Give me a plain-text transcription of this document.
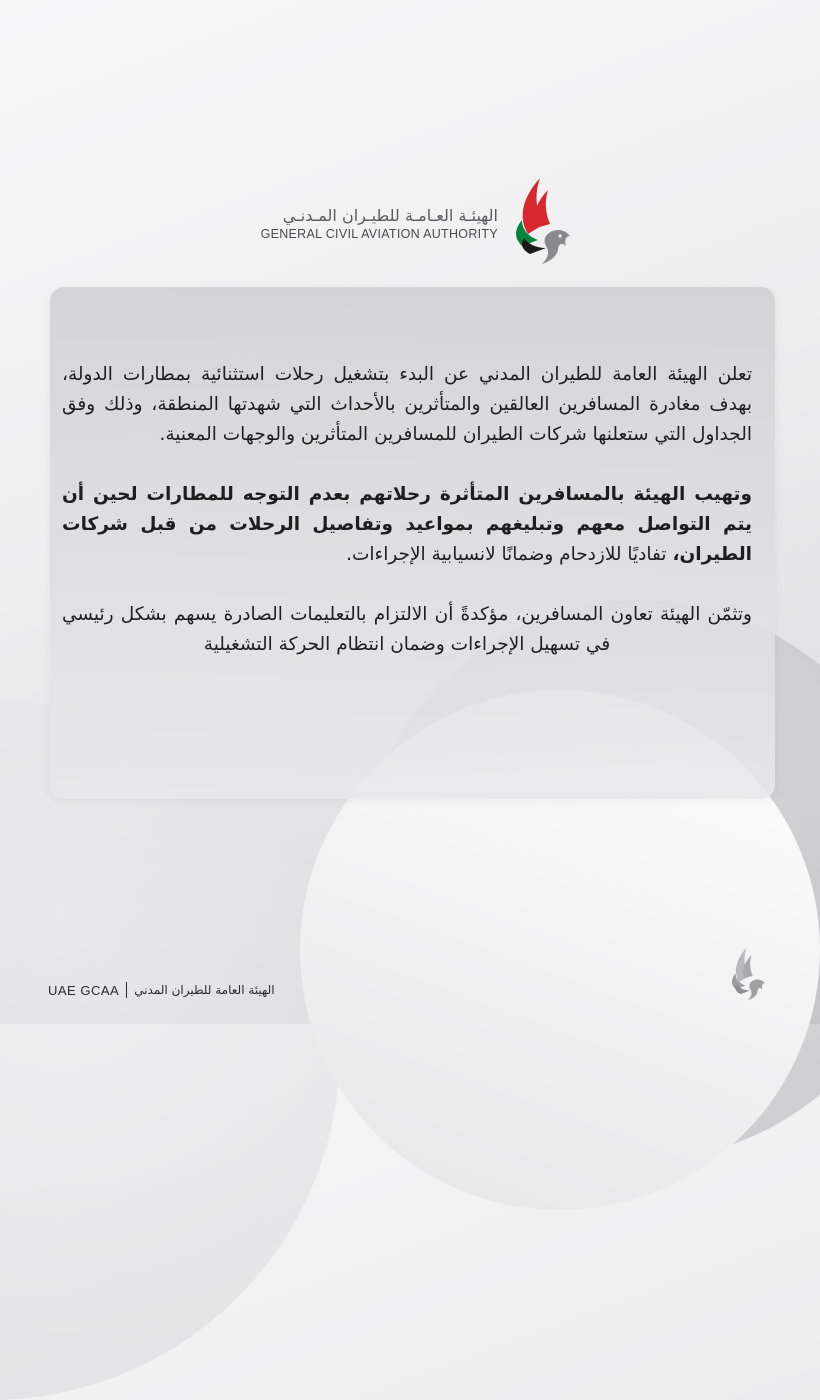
الهيئـة العـامـة للطيـران المـدنـي
GENERAL CIVIL AVIATION AUTHORITY

تعلن الهيئة العامة للطيران المدني عن البدء بتشغيل رحلات استثنائية بمطارات الدولة، بهدف مغادرة المسافرين العالقين والمتأثرين بالأحداث التي شهدتها المنطقة، وذلك وفق الجداول التي ستعلنها شركات الطيران للمسافرين المتأثرين والوجهات المعنية.

وتهيب الهيئة بالمسافرين المتأثرة رحلاتهم بعدم التوجه للمطارات لحين أن يتم التواصل معهم وتبليغهم بمواعيد وتفاصيل الرحلات من قبل شركات الطيران، تفاديًا للازدحام وضمانًا لانسيابية الإجراءات.

وتثمّن الهيئة تعاون المسافرين، مؤكدةً أن الالتزام بالتعليمات الصادرة يسهم بشكل رئيسي في تسهيل الإجراءات وضمان انتظام الحركة التشغيلية

UAE GCAA الهيئة العامة للطيران المدني
